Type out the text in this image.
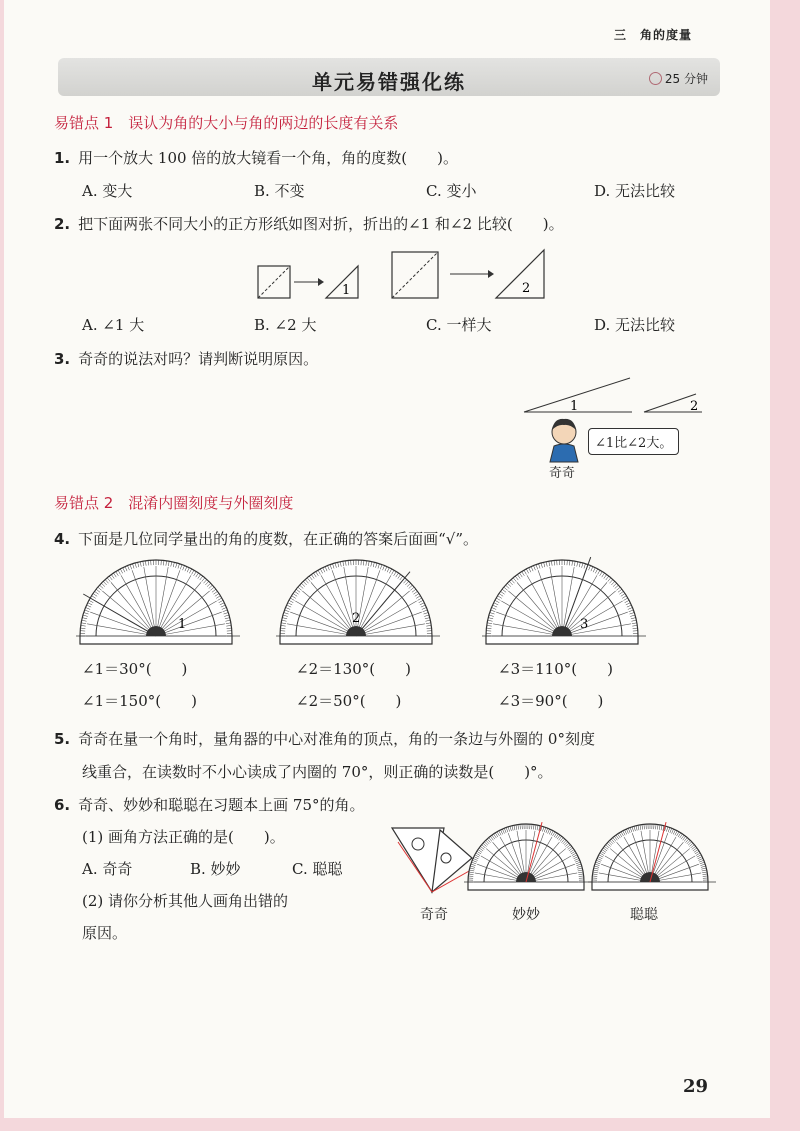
三　角的度量
单元易错强化练	25 分钟
易错点 1　误认为角的大小与角的两边的长度有关系
1. 用一个放大 100 倍的放大镜看一个角，角的度数(　　)。
A. 变大	B. 不变	C. 变小	D. 无法比较
2. 把下面两张不同大小的正方形纸如图对折，折出的∠1 和∠2 比较(　　)。
1	2
A. ∠1 大	B. ∠2 大	C. 一样大	D. 无法比较
3. 奇奇的说法对吗？请判断说明原因。
1	2
∠1比∠2大。
奇奇
易错点 2　混淆内圈刻度与外圈刻度
4. 下面是几位同学量出的角的度数，在正确的答案后面画“√”。
1	2	3
∠1＝30°(　　)	∠2＝130°(　　)	∠3＝110°(　　)
∠1＝150°(　　)	∠2＝50°(　　)	∠3＝90°(　　)
5. 奇奇在量一个角时，量角器的中心对准角的顶点，角的一条边与外圈的 0°刻度
线重合，在读数时不小心读成了内圈的 70°，则正确的读数是(　　)°。
6. 奇奇、妙妙和聪聪在习题本上画 75°的角。
(1) 画角方法正确的是(　　)。
A. 奇奇	B. 妙妙	C. 聪聪
(2) 请你分析其他人画角出错的
原因。
奇奇	妙妙	聪聪
29
